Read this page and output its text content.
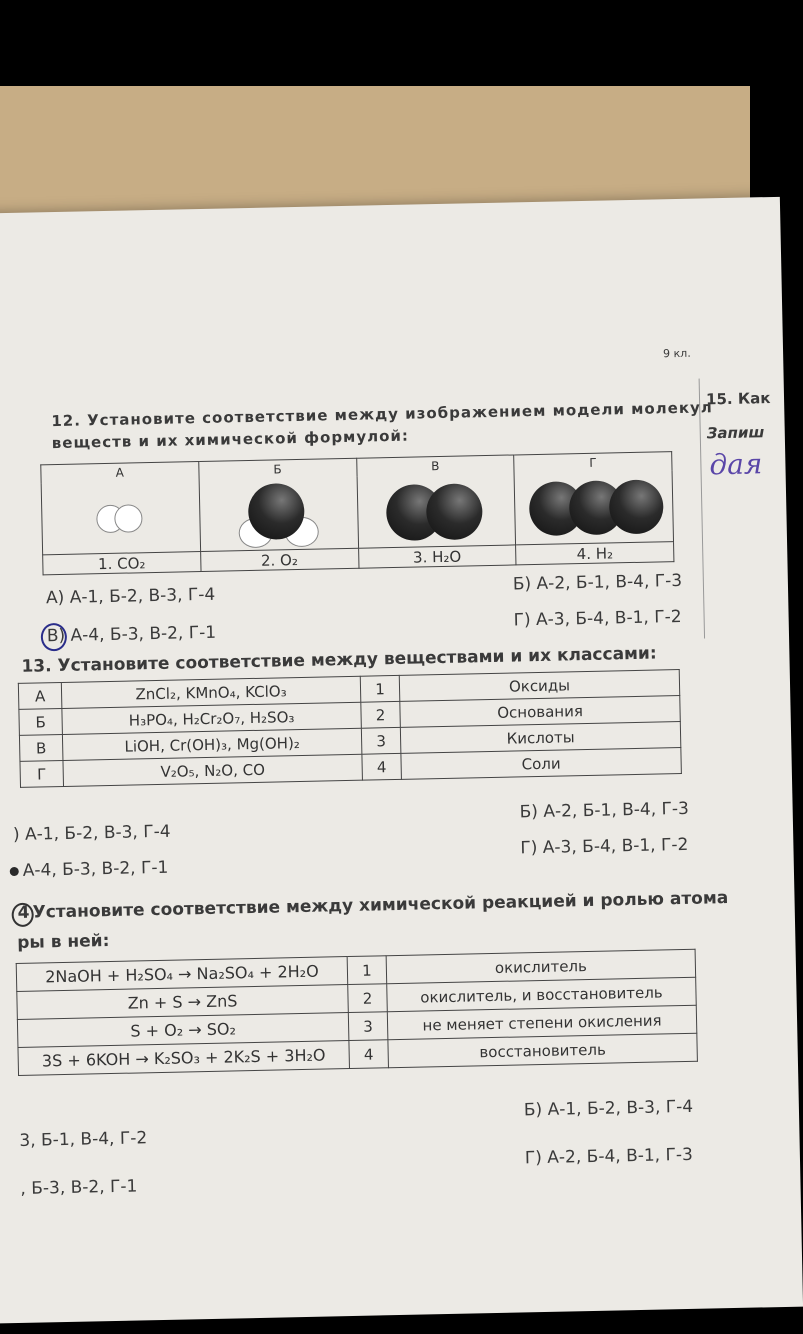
9 кл.
15. Как
Запиш
дая
12. Установите соответствие между изображением модели молекул
веществ и их химической формулой:
А	Б	В	Г

1. CO₂	2. O₂	3. H₂O	4. H₂
А) А-1, Б-2, В-3, Г-4
Б) А-2, Б-1, В-4, Г-3
В) А-4, Б-3, В-2, Г-1
Г) А-3, Б-4, В-1, Г-2
13. Установите соответствие между веществами и их классами:
А	ZnCl₂, KMnO₄, KClO₃	1	Оксиды
Б	H₃PO₄, H₂Cr₂O₇, H₂SO₃	2	Основания
В	LiOH, Cr(OH)₃, Mg(OH)₂	3	Кислоты
Г	V₂O₅, N₂O, CO	4	Соли
) А-1, Б-2, В-3, Г-4
Б) А-2, Б-1, В-4, Г-3
А-4, Б-3, В-2, Г-1
Г) А-3, Б-4, В-1, Г-2
4 Установите соответствие между химической реакцией и ролью атома
ры в ней:
2NaOH + H₂SO₄ → Na₂SO₄ + 2H₂O	1	окислитель
Zn + S → ZnS	2	окислитель, и восстановитель
S + O₂ → SO₂	3	не меняет степени окисления
3S + 6KOH → K₂SO₃ + 2K₂S + 3H₂O	4	восстановитель
3, Б-1, В-4, Г-2
Б) А-1, Б-2, В-3, Г-4
, Б-3, В-2, Г-1
Г) А-2, Б-4, В-1, Г-3
